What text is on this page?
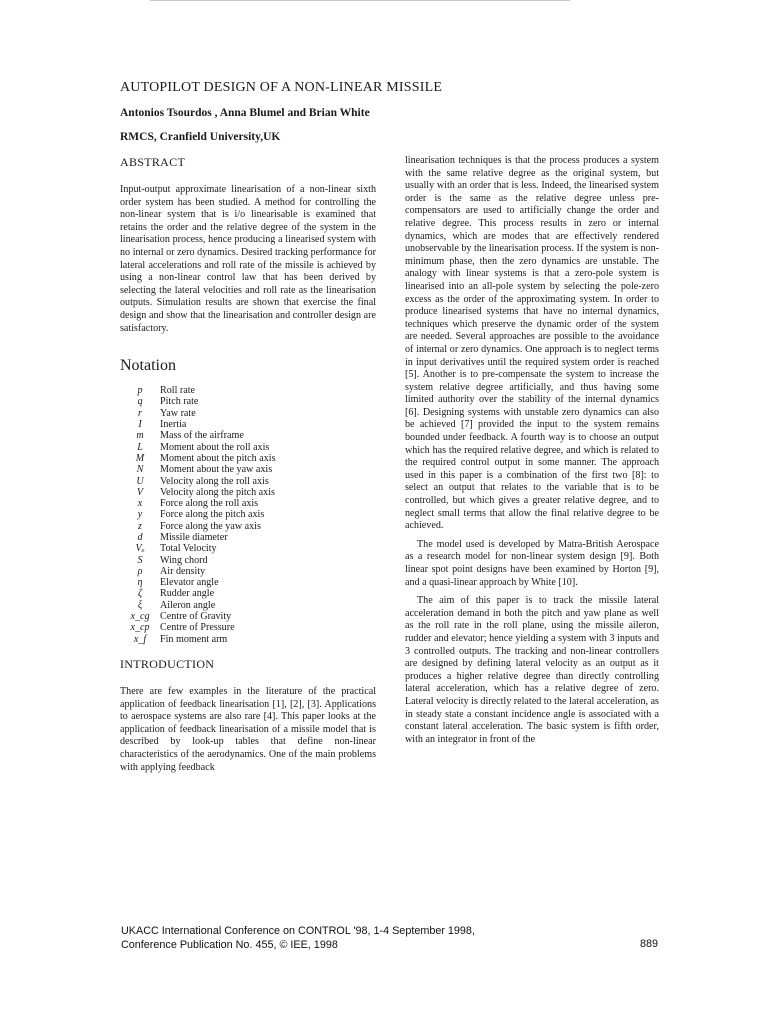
AUTOPILOT DESIGN OF A NON-LINEAR MISSILE
Antonios Tsourdos , Anna Blumel and Brian White
RMCS, Cranfield University,UK
ABSTRACT

Input-output approximate linearisation of a non-linear sixth order system has been studied. A method for controlling the non-linear system that is i/o linearisable is examined that retains the order and the relative degree of the system in the linearisation process, hence producing a linearised system with no internal or zero dynamics. Desired tracking performance for lateral accelerations and roll rate of the missile is achieved by using a non-linear control law that has been derived by selecting the lateral velocities and roll rate as the linearisation outputs. Simulation results are shown that exercise the final design and show that the linearisation and controller design are satisfactory.

Notation
p	Roll rate
q	Pitch rate
r	Yaw rate
I	Inertia
m	Mass of the airframe
L	Moment about the roll axis
M	Moment about the pitch axis
N	Moment about the yaw axis
U	Velocity along the roll axis
V	Velocity along the pitch axis
x	Force along the roll axis
y	Force along the pitch axis
z	Force along the yaw axis
d	Missile diameter
Vₒ	Total Velocity
S	Wing chord
ρ	Air density
η	Elevator angle
ζ	Rudder angle
ξ	Aileron angle
x_cg	Centre of Gravity
x_cp	Centre of Pressure
x_f	Fin moment arm
INTRODUCTION

There are few examples in the literature of the practical application of feedback linearisation [1], [2], [3]. Applications to aerospace systems are also rare [4]. This paper looks at the application of feedback linearisation of a missile model that is described by look-up tables that define non-linear characteristics of the aerodynamics. One of the main problems with applying feedback

linearisation techniques is that the process produces a system with the same relative degree as the original system, but usually with an order that is less. Indeed, the linearised system order is the same as the relative degree unless pre-compensators are used to artificially change the order and relative degree. This process results in zero or internal dynamics, which are modes that are effectively rendered unobservable by the linearisation process. If the system is non-minimum phase, then the zero dynamics are unstable. The analogy with linear systems is that a zero-pole system is linearised into an all-pole system by selecting the pole-zero excess as the order of the approximating system. In order to produce linearised systems that have no internal dynamics, techniques which preserve the dynamic order of the system are needed. Several approaches are possible to the avoidance of internal or zero dynamics. One approach is to neglect terms in input derivatives until the required system order is reached [5]. Another is to pre-compensate the system to increase the system relative degree artificially, and thus having some limited authority over the stability of the internal dynamics [6]. Designing systems with unstable zero dynamics can also be achieved [7] provided the input to the system remains bounded under feedback. A fourth way is to choose an output which has the required relative degree, and which is related to the required control output in some manner. The approach used in this paper is a combination of the first two [8]: to select an output that relates to the variable that is to be controlled, but which gives a greater relative degree, and to neglect small terms that allow the final relative degree to be achieved.

The model used is developed by Matra-British Aerospace as a research model for non-linear system design [9]. Both linear spot point designs have been examined by Horton [9], and a quasi-linear approach by White [10].

The aim of this paper is to track the missile lateral acceleration demand in both the pitch and yaw plane as well as the roll rate in the roll plane, using the missile aileron, rudder and elevator; hence yielding a system with 3 inputs and 3 controlled outputs. The tracking and non-linear controllers are designed by defining lateral velocity as an output as it produces a higher relative degree than directly controlling lateral acceleration, which has a relative degree of zero. Lateral velocity is directly related to the lateral acceleration, as in steady state a constant incidence angle is associated with a constant lateral acceleration. The basic system is fifth order, with an integrator in front of the

UKACC International Conference on CONTROL '98, 1-4 September 1998,
Conference Publication No. 455, © IEE, 1998	889
